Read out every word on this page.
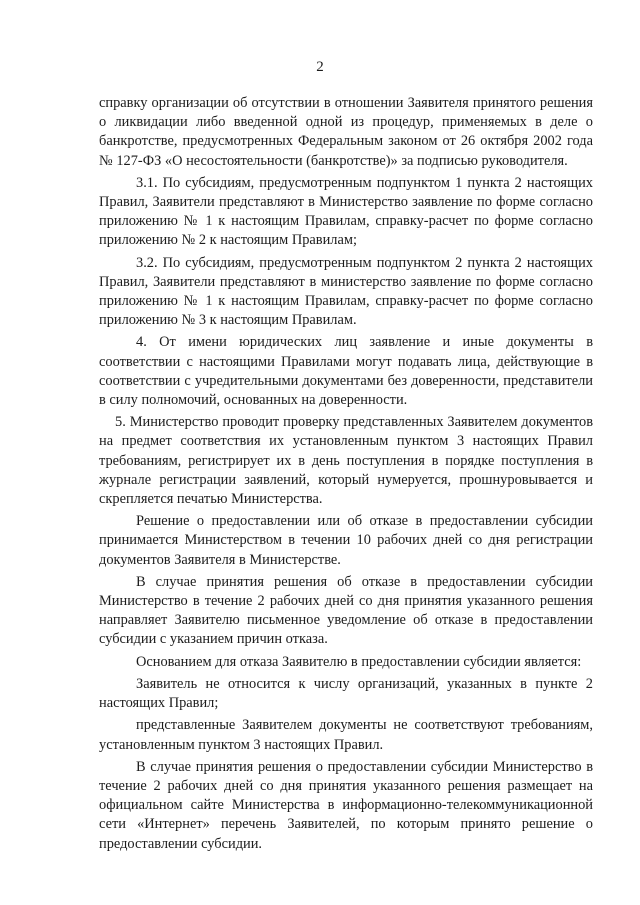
2

справку организации об отсутствии в отношении Заявителя принятого решения о ликвидации либо введенной одной из процедур, применяемых в деле о банкротстве, предусмотренных Федеральным законом от 26 октября 2002 года № 127-ФЗ «О несостоятельности (банкротстве)» за подписью руководителя.

3.1. По субсидиям, предусмотренным подпунктом 1 пункта 2 настоящих Правил, Заявители представляют в Министерство заявление по форме согласно приложению № 1 к настоящим Правилам, справку-расчет по форме согласно приложению № 2 к настоящим Правилам;

3.2. По субсидиям, предусмотренным подпунктом 2 пункта 2 настоящих Правил, Заявители представляют в министерство заявление по форме согласно приложению № 1 к настоящим Правилам, справку-расчет по форме согласно приложению № 3 к настоящим Правилам.

4. От имени юридических лиц заявление и иные документы в соответствии с настоящими Правилами могут подавать лица, действующие в соответствии с учредительными документами без доверенности, представители в силу полномочий, основанных на доверенности.

5. Министерство проводит проверку представленных Заявителем документов на предмет соответствия их установленным пунктом 3 настоящих Правил требованиям, регистрирует их в день поступления в порядке поступления в журнале регистрации заявлений, который нумеруется, прошнуровывается и скрепляется печатью Министерства.

Решение о предоставлении или об отказе в предоставлении субсидии принимается Министерством в течении 10 рабочих дней со дня регистрации документов Заявителя в Министерстве.

В случае принятия решения об отказе в предоставлении субсидии Министерство в течение 2 рабочих дней со дня принятия указанного решения направляет Заявителю письменное уведомление об отказе в предоставлении субсидии с указанием причин отказа.

Основанием для отказа Заявителю в предоставлении субсидии является:

Заявитель не относится к числу организаций, указанных в пункте 2 настоящих Правил;

представленные Заявителем документы не соответствуют требованиям, установленным пунктом 3 настоящих Правил.

В случае принятия решения о предоставлении субсидии Министерство в течение 2 рабочих дней со дня принятия указанного решения размещает на официальном сайте Министерства в информационно-телекоммуникационной сети «Интернет» перечень Заявителей, по которым принято решение о предоставлении субсидии.
